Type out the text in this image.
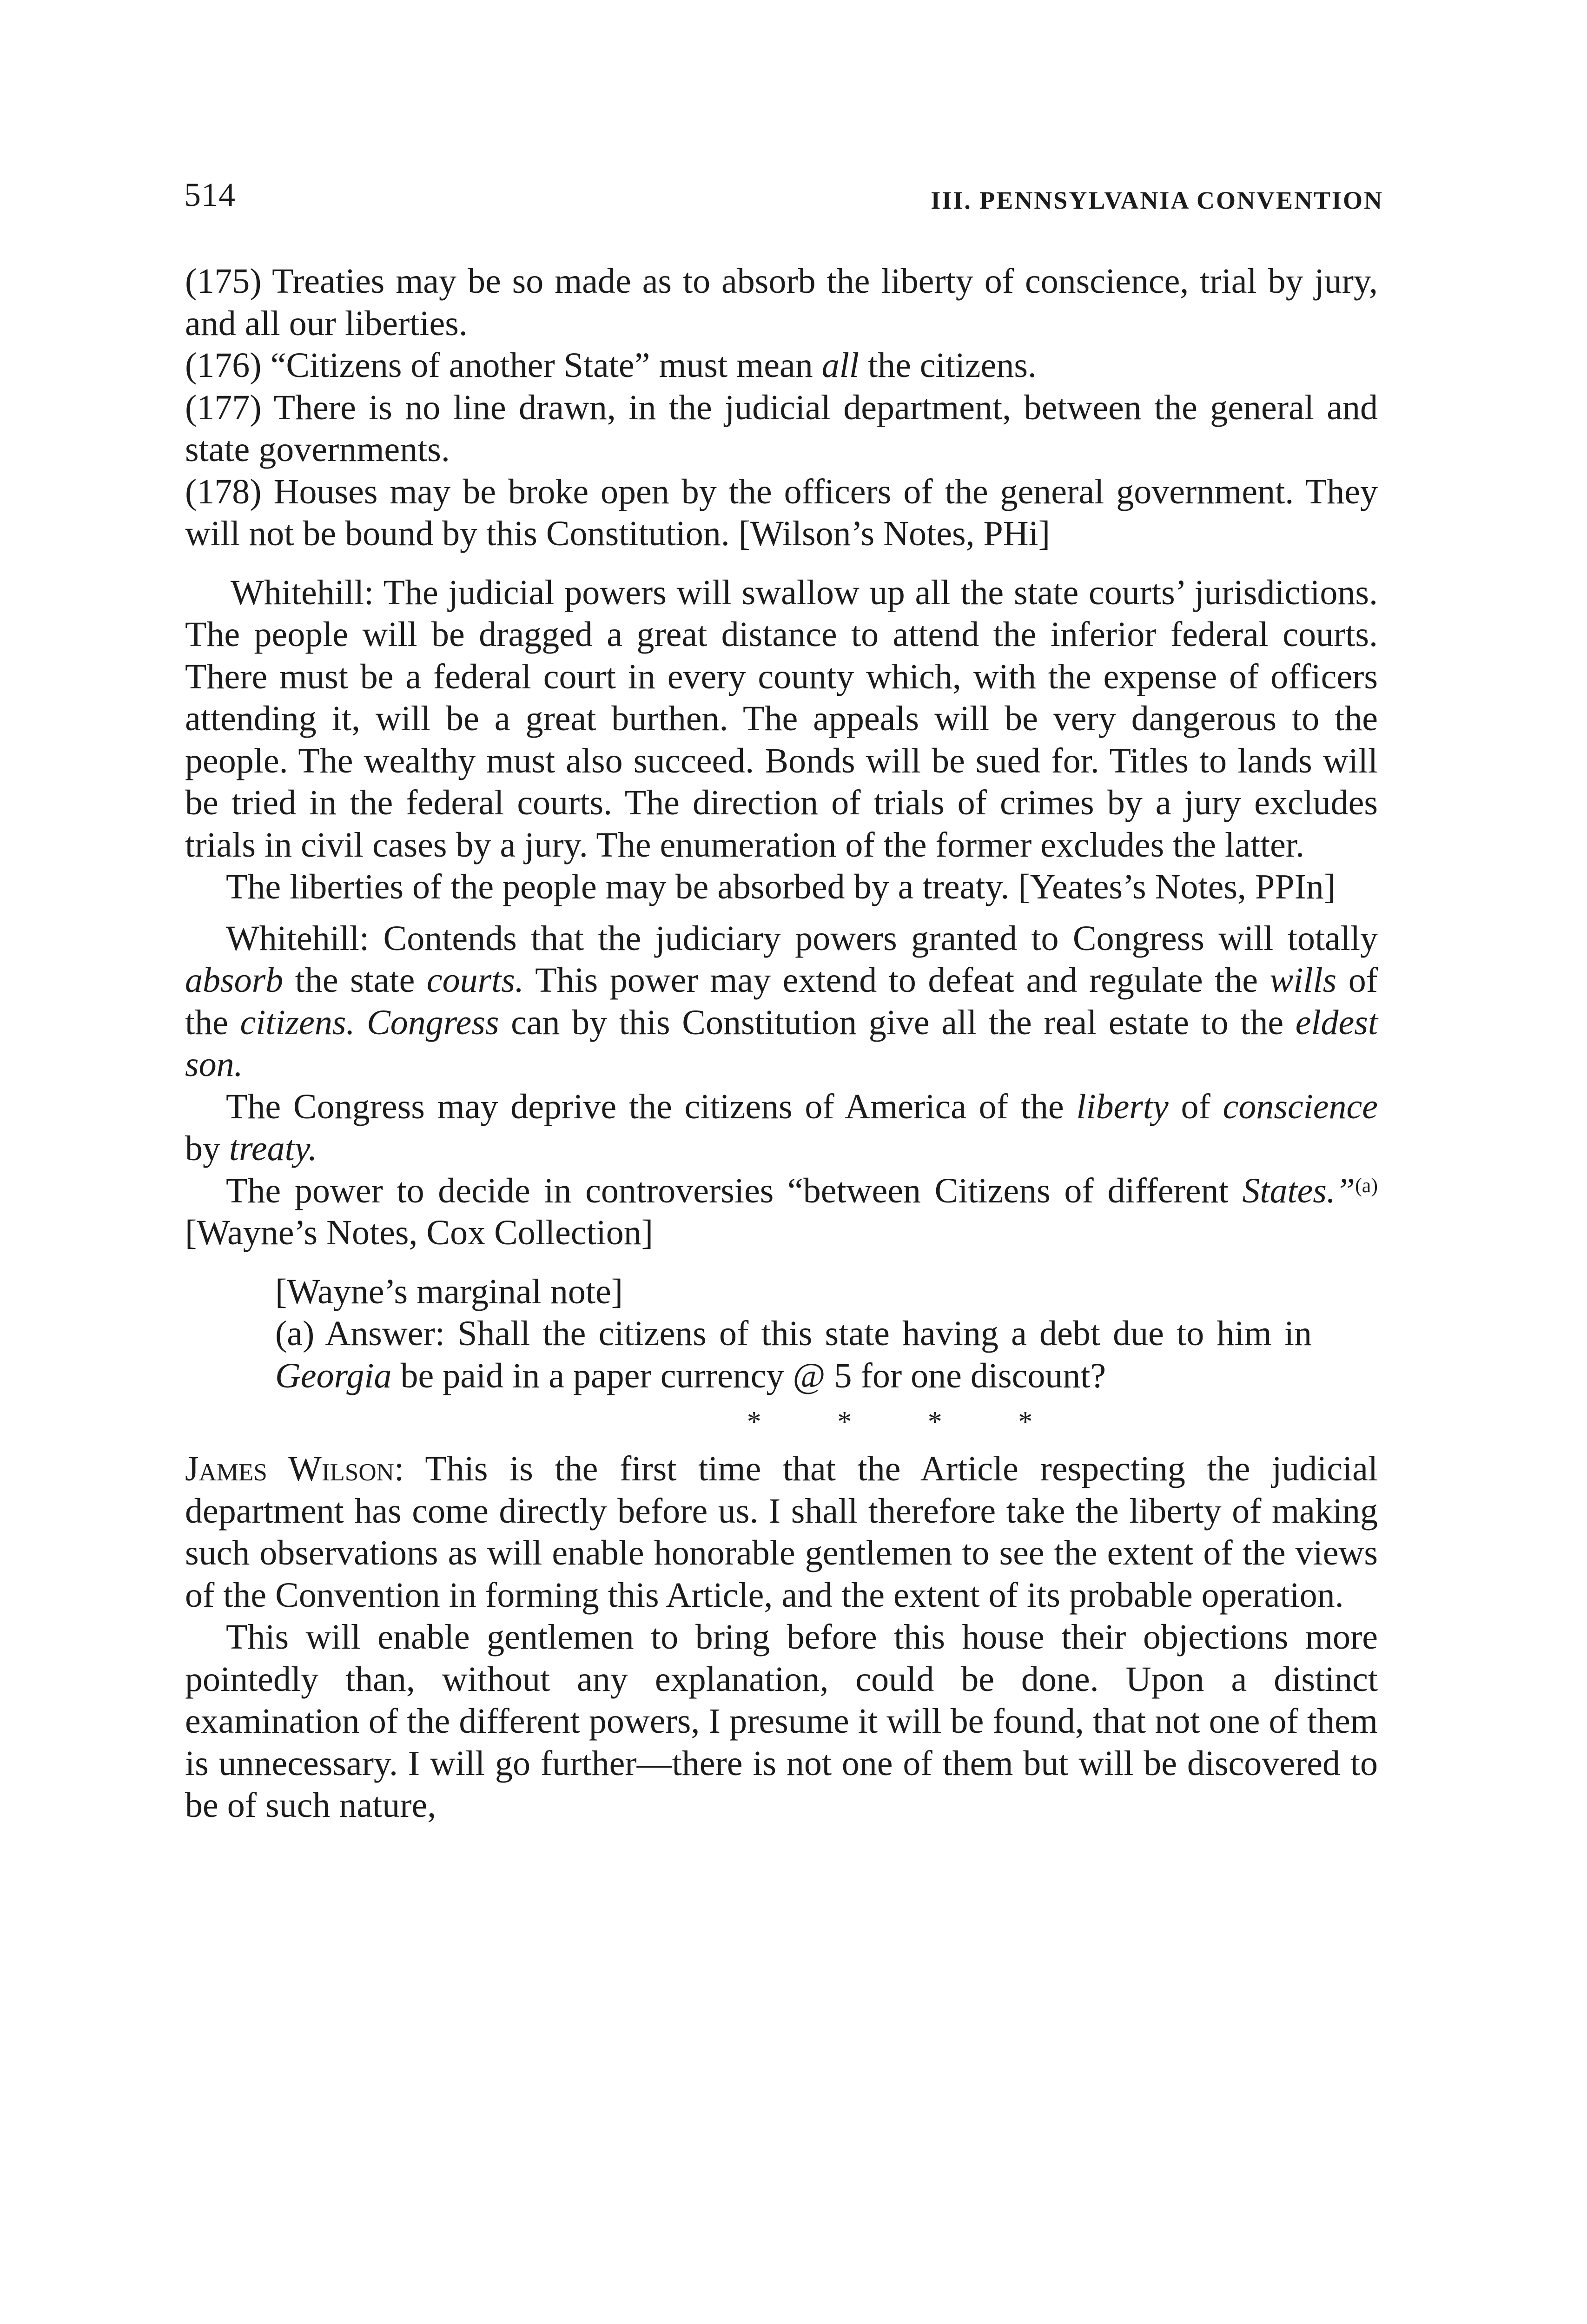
514	III. PENNSYLVANIA CONVENTION

(175) Treaties may be so made as to absorb the liberty of conscience, trial by jury, and all our liberties.

(176) “Citizens of another State” must mean all the citizens.

(177) There is no line drawn, in the judicial department, between the general and state governments.

(178) Houses may be broke open by the officers of the general government. They will not be bound by this Constitution. [Wilson’s Notes, PHi]

Whitehill: The judicial powers will swallow up all the state courts’ jurisdictions. The people will be dragged a great distance to attend the inferior federal courts. There must be a federal court in every county which, with the expense of officers attending it, will be a great burthen. The appeals will be very dangerous to the people. The wealthy must also succeed. Bonds will be sued for. Titles to lands will be tried in the federal courts. The direction of trials of crimes by a jury excludes trials in civil cases by a jury. The enumeration of the former excludes the latter.

The liberties of the people may be absorbed by a treaty. [Yeates’s Notes, PPIn]

Whitehill: Contends that the judiciary powers granted to Congress will totally absorb the state courts. This power may extend to defeat and regulate the wills of the citizens. Congress can by this Constitution give all the real estate to the eldest son.

The Congress may deprive the citizens of America of the liberty of conscience by treaty.

The power to decide in controversies “between Citizens of different States.”$^{(a)}$ [Wayne’s Notes, Cox Collection]

[Wayne’s marginal note]

(a) Answer: Shall the citizens of this state having a debt due to him in Georgia be paid in a paper currency @ 5 for one discount?

* * * *

James Wilson: This is the first time that the Article respecting the judicial department has come directly before us. I shall therefore take the liberty of making such observations as will enable honorable gentlemen to see the extent of the views of the Convention in forming this Article, and the extent of its probable operation.

This will enable gentlemen to bring before this house their objections more pointedly than, without any explanation, could be done. Upon a distinct examination of the different powers, I presume it will be found, that not one of them is unnecessary. I will go further—there is not one of them but will be discovered to be of such nature,
